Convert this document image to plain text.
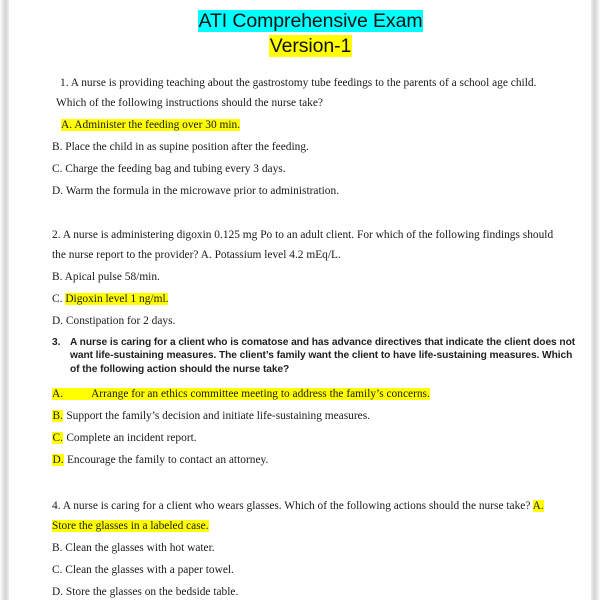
ATI Comprehensive Exam
Version-1
1. A nurse is providing teaching about the gastrostomy tube feedings to the parents of a school age child.
Which of the following instructions should the nurse take?
A. Administer the feeding over 30 min.
B. Place the child in as supine position after the feeding.
C. Charge the feeding bag and tubing every 3 days.
D. Warm the formula in the microwave prior to administration.
2. A nurse is administering digoxin 0.125 mg Po to an adult client. For which of the following findings should
the nurse report to the provider? A. Potassium level 4.2 mEq/L.
B. Apical pulse 58/min.
C. Digoxin level 1 ng/ml.
D. Constipation for 2 days.
3. A nurse is caring for a client who is comatose and has advance directives that indicate the client does not
want life-sustaining measures. The client’s family want the client to have life-sustaining measures. Which
of the following action should the nurse take?
A. Arrange for an ethics committee meeting to address the family’s concerns.
B. Support the family’s decision and initiate life-sustaining measures.
C. Complete an incident report.
D. Encourage the family to contact an attorney.
4. A nurse is caring for a client who wears glasses. Which of the following actions should the nurse take? A.
Store the glasses in a labeled case.
B. Clean the glasses with hot water.
C. Clean the glasses with a paper towel.
D. Store the glasses on the bedside table.
